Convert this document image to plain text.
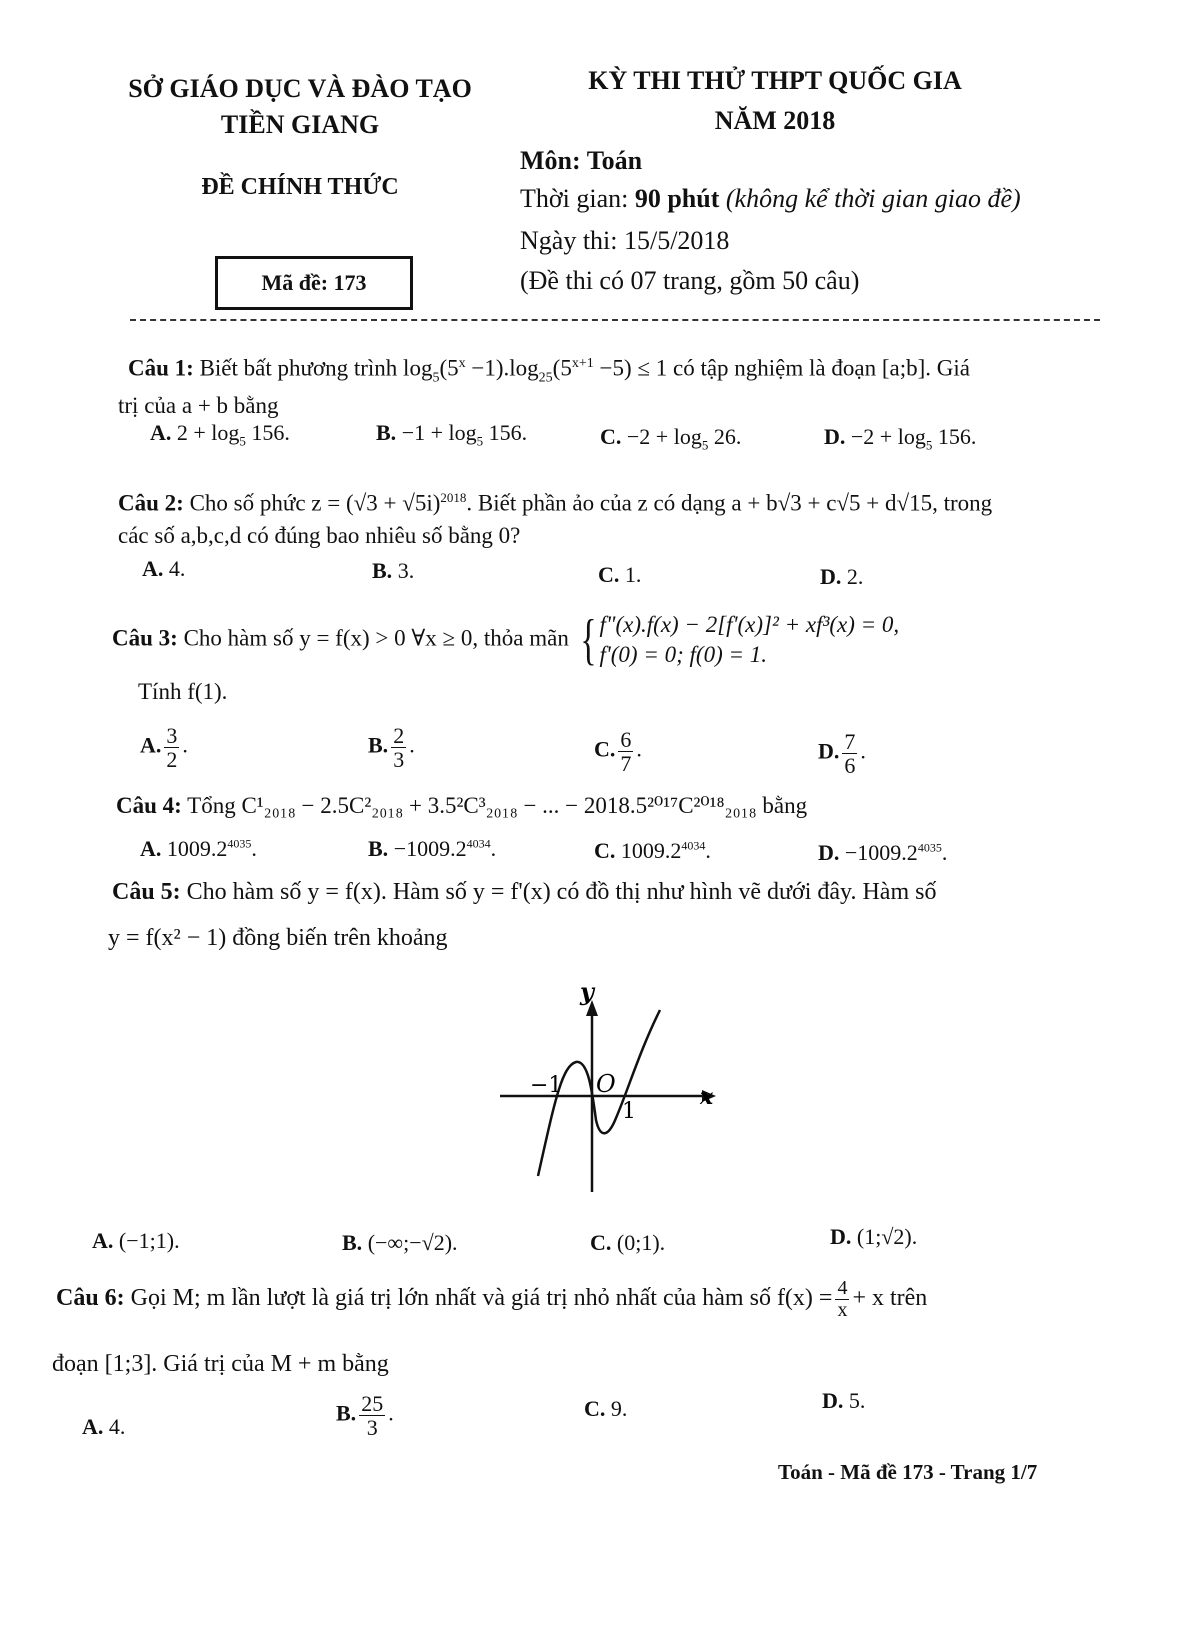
SỞ GIÁO DỤC VÀ ĐÀO TẠO
TIỀN GIANG
ĐỀ CHÍNH THỨC
Mã đề: 173
KỲ THI THỬ THPT QUỐC GIA
NĂM 2018
Môn: Toán
Thời gian: 90 phút (không kể thời gian giao đề)
Ngày thi: 15/5/2018
(Đề thi có 07 trang, gồm 50 câu)
Câu 1: Biết bất phương trình $\log_5(5^x -1).\log_{25}(5^{x+1} -5) \le 1$ có tập nghiệm là đoạn [a;b]. Giá
trị của a + b bằng
A. $2 + \log_5 156$.	B. $-1 + \log_5 156$.	C. $-2 + \log_5 26$.	D. $-2 + \log_5 156$.
Câu 2: Cho số phức $z = (√3 + √5i)^{2018}$. Biết phần ảo của z có dạng a + b√3 + c√5 + d√15, trong
các số a,b,c,d có đúng bao nhiêu số bằng 0?
A. 4.	B. 3.	C. 1.	D. 2.
Câu 3: Cho hàm số y = f(x) > 0 ∀x ≥ 0, thỏa mãn { f"(x).f(x) − 2[f'(x)]² + xf³(x) = 0,
f'(0) = 0; f(0) = 1.
Tính f(1).
A. $\frac{3}{2}$ .	B. $\frac{2}{3}$ .	C. $\frac{6}{7}$ .	D. $\frac{7}{6}$ .
Câu 4: Tổng C¹₂₀₁₈ − 2.5C²₂₀₁₈ + 3.5²C³₂₀₁₈ − ... − 2018.5²⁰¹⁷C²⁰¹⁸₂₀₁₈ bằng
A. $1009.2^{4035}$.	B. $-1009.2^{4034}$.	C. $1009.2^{4034}$.	D. $-1009.2^{4035}$.
Câu 5: Cho hàm số y = f(x). Hàm số y = f'(x) có đồ thị như hình vẽ dưới đây. Hàm số
y = f(x² − 1) đồng biến trên khoảng
y
x
O
−1
1
A. (−1;1).	B. (−∞;−√2).	C. (0;1).	D. (1;√2).
Câu 6: Gọi M; m lần lượt là giá trị lớn nhất và giá trị nhỏ nhất của hàm số $f(x) = \frac{4}{x} + x$ trên
đoạn [1;3]. Giá trị của M + m bằng
A. 4.
B. $\frac{25}{3}$ .	C. 9.	D. 5.
Toán - Mã đề 173 - Trang 1/7
